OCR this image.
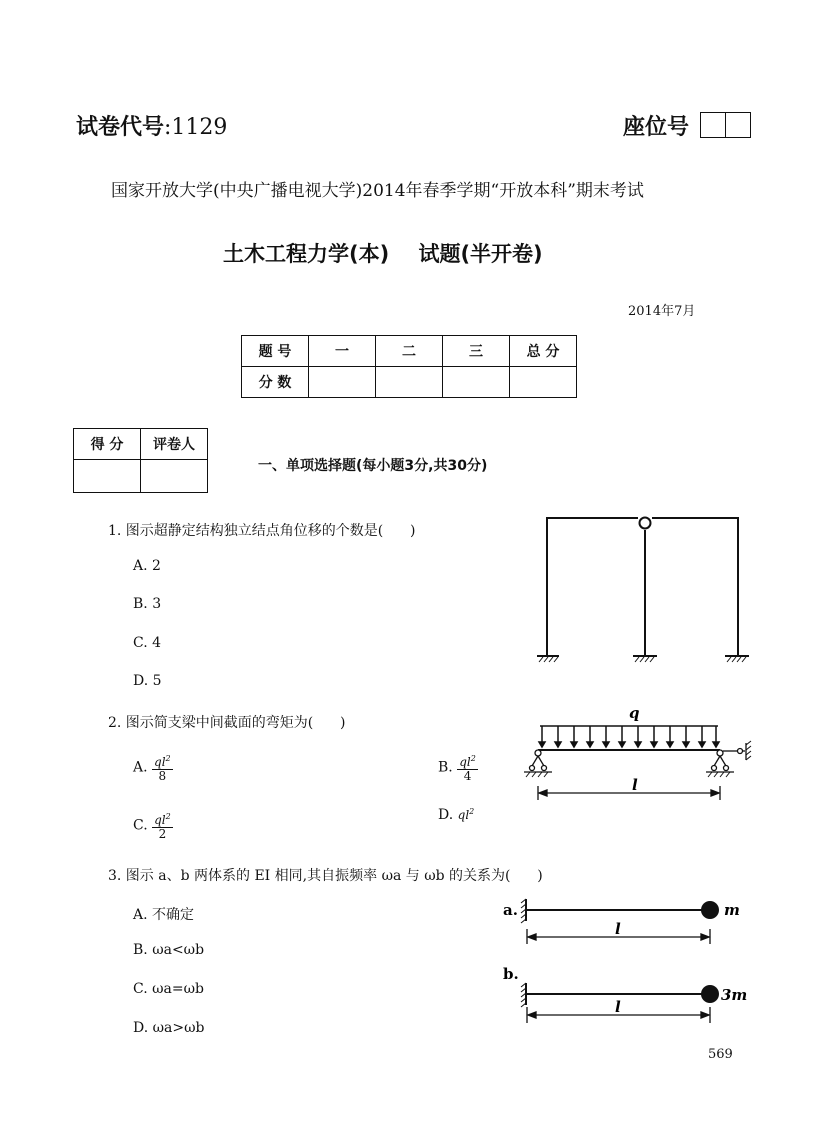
试卷代号:1129	座位号
国家开放大学(中央广播电视大学)2014年春季学期“开放本科”期末考试
土木工程力学(本)    试题(半开卷)
2014年7月
题 号	一	二	三	总 分
分 数				
得 分	评卷人

一、单项选择题(每小题3分,共30分)
1. 图示超静定结构独立结点角位移的个数是(      )
A. 2
B. 3
C. 4
D. 5
2. 图示简支梁中间截面的弯矩为(      )
A. $\frac{ql^2}{8}$	B. $\frac{ql^2}{4}$
C. $\frac{ql^2}{2}$	D. $ql^2$
q
l
3. 图示 a、b 两体系的 EI 相同,其自振频率 ωa 与 ωb 的关系为(      )
A. 不确定
B. ωa<ωb
C. ωa=ωb
D. ωa>ωb
a.	m
l
b.
3m
l
569
